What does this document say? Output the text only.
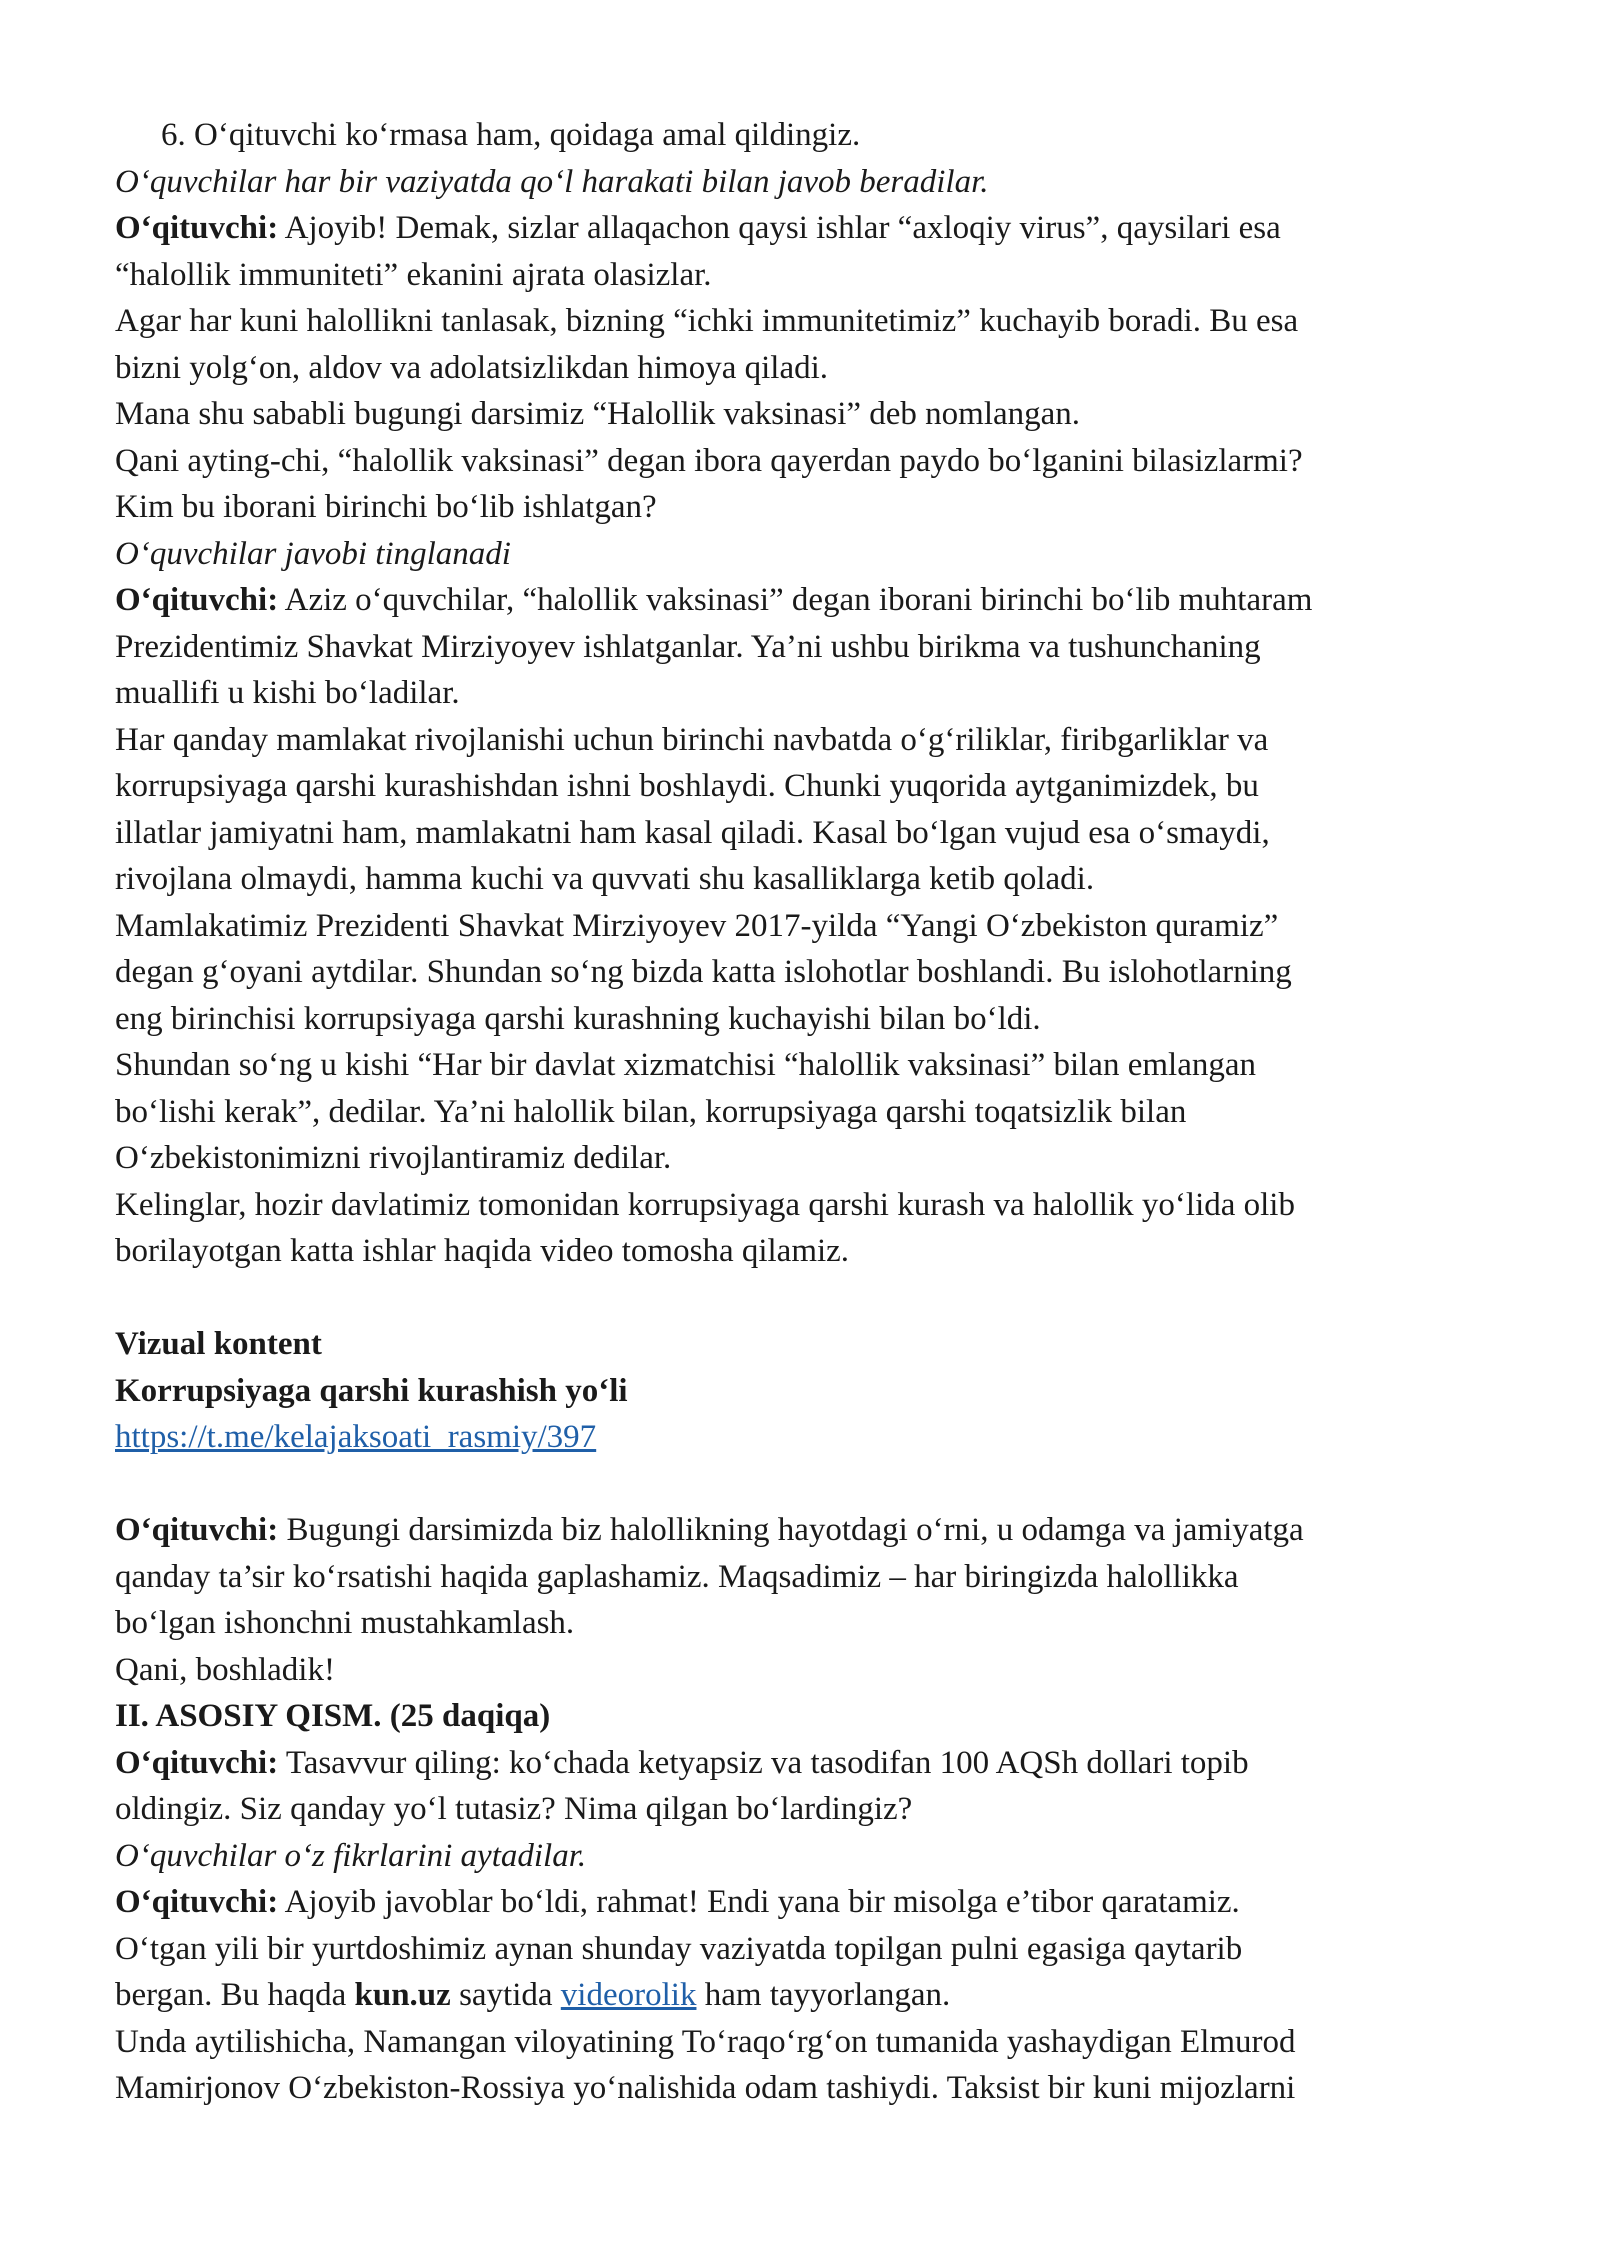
6. O‘qituvchi ko‘rmasa ham, qoidaga amal qildingiz.
O‘quvchilar har bir vaziyatda qo‘l harakati bilan javob beradilar.
O‘qituvchi: Ajoyib! Demak, sizlar allaqachon qaysi ishlar “axloqiy virus”, qaysilari esa
“halollik immuniteti” ekanini ajrata olasizlar.
Agar har kuni halollikni tanlasak, bizning “ichki immunitetimiz” kuchayib boradi. Bu esa
bizni yolg‘on, aldov va adolatsizlikdan himoya qiladi.
Mana shu sababli bugungi darsimiz “Halollik vaksinasi” deb nomlangan.
Qani ayting-chi, “halollik vaksinasi” degan ibora qayerdan paydo bo‘lganini bilasizlarmi?
Kim bu iborani birinchi bo‘lib ishlatgan?
O‘quvchilar javobi tinglanadi
O‘qituvchi: Aziz o‘quvchilar, “halollik vaksinasi” degan iborani birinchi bo‘lib muhtaram
Prezidentimiz Shavkat Mirziyoyev ishlatganlar. Ya’ni ushbu birikma va tushunchaning
muallifi u kishi bo‘ladilar.
Har qanday mamlakat rivojlanishi uchun birinchi navbatda o‘g‘riliklar, firibgarliklar va
korrupsiyaga qarshi kurashishdan ishni boshlaydi. Chunki yuqorida aytganimizdek, bu
illatlar jamiyatni ham, mamlakatni ham kasal qiladi. Kasal bo‘lgan vujud esa o‘smaydi,
rivojlana olmaydi, hamma kuchi va quvvati shu kasalliklarga ketib qoladi.
Mamlakatimiz Prezidenti Shavkat Mirziyoyev 2017-yilda “Yangi O‘zbekiston quramiz”
degan g‘oyani aytdilar. Shundan so‘ng bizda katta islohotlar boshlandi. Bu islohotlarning
eng birinchisi korrupsiyaga qarshi kurashning kuchayishi bilan bo‘ldi.
Shundan so‘ng u kishi “Har bir davlat xizmatchisi “halollik vaksinasi” bilan emlangan
bo‘lishi kerak”, dedilar. Ya’ni halollik bilan, korrupsiyaga qarshi toqatsizlik bilan
O‘zbekistonimizni rivojlantiramiz dedilar.
Kelinglar, hozir davlatimiz tomonidan korrupsiyaga qarshi kurash va halollik yo‘lida olib
borilayotgan katta ishlar haqida video tomosha qilamiz.
Vizual kontent
Korrupsiyaga qarshi kurashish yo‘li
https://t.me/kelajaksoati_rasmiy/397
O‘qituvchi: Bugungi darsimizda biz halollikning hayotdagi o‘rni, u odamga va jamiyatga
qanday ta’sir ko‘rsatishi haqida gaplashamiz. Maqsadimiz – har biringizda halollikka
bo‘lgan ishonchni mustahkamlash.
Qani, boshladik!
II. ASOSIY QISM. (25 daqiqa)
O‘qituvchi: Tasavvur qiling: ko‘chada ketyapsiz va tasodifan 100 AQSh dollari topib
oldingiz. Siz qanday yo‘l tutasiz? Nima qilgan bo‘lardingiz?
O‘quvchilar o‘z fikrlarini aytadilar.
O‘qituvchi: Ajoyib javoblar bo‘ldi, rahmat! Endi yana bir misolga e’tibor qaratamiz.
O‘tgan yili bir yurtdoshimiz aynan shunday vaziyatda topilgan pulni egasiga qaytarib
bergan. Bu haqda kun.uz saytida videorolik ham tayyorlangan.
Unda aytilishicha, Namangan viloyatining To‘raqo‘rg‘on tumanida yashaydigan Elmurod
Mamirjonov O‘zbekiston-Rossiya yo‘nalishida odam tashiydi. Taksist bir kuni mijozlarni
